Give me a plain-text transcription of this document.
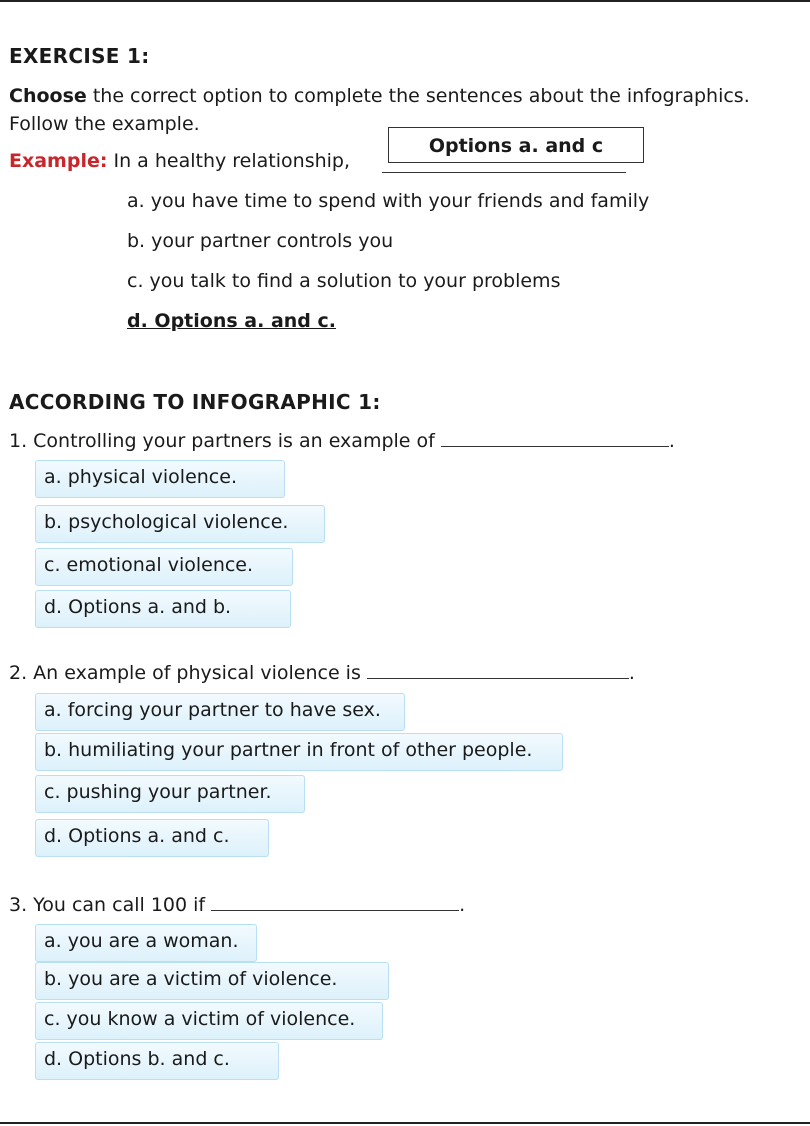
EXERCISE 1:
Choose the correct option to complete the sentences about the infographics.
Follow the example.
Example: In a healthy relationship,
Options a. and c
a. you have time to spend with your friends and family
b. your partner controls you
c. you talk to find a solution to your problems
d. Options a. and c.
ACCORDING TO INFOGRAPHIC 1:
1. Controlling your partners is an example of	.
a. physical violence.
b. psychological violence.
c. emotional violence.
d. Options a. and b.
2. An example of physical violence is	.
a. forcing your partner to have sex.
b. humiliating your partner in front of other people.
c. pushing your partner.
d. Options a. and c.
3. You can call 100 if	.
a. you are a woman.
b. you are a victim of violence.
c. you know a victim of violence.
d. Options b. and c.
